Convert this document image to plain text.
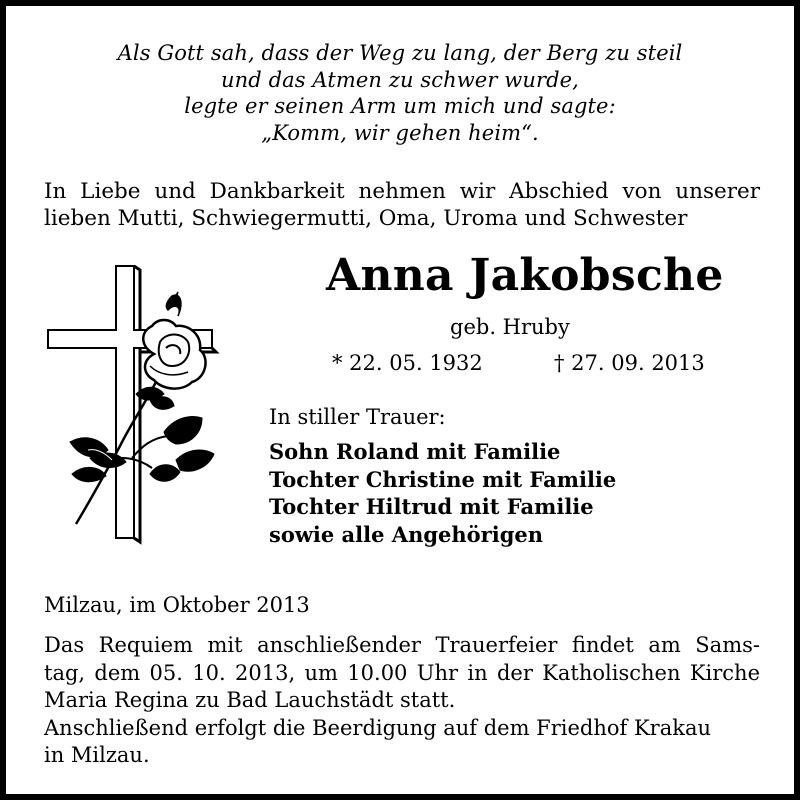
Als Gott sah, dass der Weg zu lang, der Berg zu steil
und das Atmen zu schwer wurde,
legte er seinen Arm um mich und sagte:
„Komm, wir gehen heim“.
In Liebe und Dankbarkeit nehmen wir Abschied von unserer
lieben Mutti, Schwiegermutti, Oma, Uroma und Schwester
Anna Jakobsche
geb. Hruby
* 22. 05. 1932	† 27. 09. 2013
In stiller Trauer:
Sohn Roland mit Familie
Tochter Christine mit Familie
Tochter Hiltrud mit Familie
sowie alle Angehörigen
Milzau, im Oktober 2013
Das Requiem mit anschließender Trauerfeier findet am Sams-
tag, dem 05. 10. 2013, um 10.00 Uhr in der Katholischen Kirche
Maria Regina zu Bad Lauchstädt statt.
Anschließend erfolgt die Beerdigung auf dem Friedhof Krakau
in Milzau.
